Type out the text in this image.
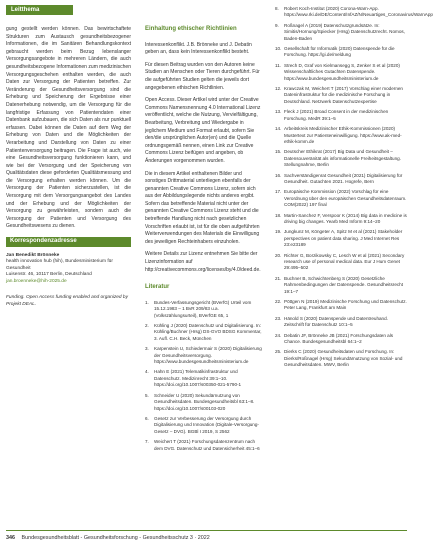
Leitthema

gung gestellt werden können. Das bewirtschaftete Strukturen zum Austausch gesundheitsbezogener Informationen, die im Sanitären Behandlungskontext gebraucht werden beim Bezug lebenslanger Versorgungsangebote in mehreren Ländern, die auch gesundheitsbezogene Informationen zum medizinischen Versorgungsgeschehen enthalten werden, die auch Daten zur Versorgung der Patienten betreffen. Zur Veränderung der Gesundheitsversorgung sind die Erhebung und Speicherung der Ergebnisse einer Datenerhebung notwendig, um die Versorgung für die langfristige Erfassung von Patientendaten einer Datenbank aufzubauen, die sich Daten als nur punktuell erfassen. Dabei können die Daten auf dem Weg der Erhebung von Daten und die Möglichkeiten der Verarbeitung und Darstellung von Daten zu einer Patientenversorgung beitragen. Die Frage ist auch, wie eine Gesundheitsversorgung funktionieren kann, und wie bei der Versorgung und der Speicherung von Qualitätsdaten diese geforderten Qualitätsmessung und die Versorgung erhalten werden können. Um die Versorgung der Patienten sicherzustellen, ist die Versorgung mit dem Versorgungsangebot des Landes und der Erhebung und der Möglichkeiten der Versorgung zu gewährleisten, sondern auch die Versorgung der Patienten und Versorgung des Gesundheitswesens zu dienen.

Korrespondenzadresse
Jan Benedikt Brönneke
health innovation hub (hih), Bundesministerium für Gesundheit
Luisenstr. 46, 10117 Berlin, Deutschland
jan.broenneke@hih-2025.de

Funding. Open Access funding enabled and organized by Projekt DEAL.

Einhaltung ethischer Richtlinien

Interessenkonflikt. J.B. Brönneke und J. Debatin geben an, dass kein Interessenkonflikt besteht.

Für diesen Beitrag wurden von den Autoren keine Studien an Menschen oder Tieren durchgeführt. Für die aufgeführten Studien gelten die jeweils dort angegebenen ethischen Richtlinien.

Open Access. Dieser Artikel wird unter der Creative Commons Namensnennung 4.0 International Lizenz veröffentlicht, welche die Nutzung, Vervielfältigung, Bearbeitung, Verbreitung und Wiedergabe in jeglichem Medium und Format erlaubt, sofern Sie den/die ursprünglichen Autor(en) und die Quelle ordnungsgemäß nennen, einen Link zur Creative Commons Lizenz beifügen und angeben, ob Änderungen vorgenommen wurden.

Die in diesem Artikel enthaltenen Bilder und sonstiges Drittmaterial unterliegen ebenfalls der genannten Creative Commons Lizenz, sofern sich aus der Abbildungslegende nichts anderes ergibt. Sofern das betreffende Material nicht unter der genannten Creative Commons Lizenz steht und die betreffende Handlung nicht nach gesetzlichen Vorschriften erlaubt ist, ist für die oben aufgeführten Weiterverwendungen des Materials die Einwilligung des jeweiligen Rechteinhabers einzuholen.

Weitere Details zur Lizenz entnehmen Sie bitte der Lizenzinformation auf http://creativecommons.org/licenses/by/4.0/deed.de.

Literatur
1.	Bundes-Verfassungsgericht (BVerfG) Urteil vom 15.12.1983 – 1 BvR 209/83 u.a. (Volkszählungsurteil), BVerfGE 65, 1
2.	Kühling J (2020) Datenschutz und Digitalisierung. In: Kühling/Buchner (Hrsg) DS-GVO BDSG Kommentar, 3. Aufl. C.H. Beck, München
3.	Karpenstein U, Schiedermair S (2020) Digitalisierung der Gesundheitsversorgung. https://www.bundesgesundheitsministerium.de
4.	Hahn E (2021) Telematikinfrastruktur und Datenschutz. Medizinrecht 39:1–10. https://doi.org/10.1007/s00350-021-5790-1
5.	Schneider U (2020) Sekundärnutzung von Gesundheitsdaten. Bundesgesundheitsbl 63:1–8. https://doi.org/10.1007/s00103-020
6.	Gesetz zur Verbesserung der Versorgung durch Digitalisierung und Innovation (Digitale-Versorgung-Gesetz – DVG). BGBl I 2019, S 2562
7.	Weichert T (2021) Forschungsdatenzentrum nach dem DVG. Datenschutz und Datensicherheit 45:1–6
8.	Robert Koch-Institut (2020) Corona-Warn-App. https://www.rki.de/DE/Content/InfAZ/N/Neuartiges_Coronavirus/WarnApp
9.	Roßnagel A (2019) Datenschutzgrundsätze. In: Simitis/Hornung/Spiecker (Hrsg) Datenschutzrecht. Nomos, Baden-Baden
10. Gesellschaft für Informatik (2020) Datenspende für die Forschung. https://gi.de/meldung
11. Strech D, Graf von Kielmansegg S, Zenker S et al (2020) Wissenschaftliches Gutachten Datenspende. https://www.bundesgesundheitsministerium.de
12. Krawczak M, Weichert T (2017) Vorschlag einer modernen Dateninfrastruktur für die medizinische Forschung in Deutschland. Netzwerk Datenschutzexpertise
13. Fleck J (2021) Broad Consent in der medizinischen Forschung. MedR 39:1–5
14. Arbeitskreis Medizinischer Ethik-Kommissionen (2020) Mustertext zur Patienteneinwilligung. https://www.ak-med-ethik-komm.de
15. Deutscher Ethikrat (2017) Big Data und Gesundheit – Datensouveränität als informationelle Freiheitsgestaltung. Stellungnahme, Berlin
16. Sachverständigenrat Gesundheit (2021) Digitalisierung für Gesundheit. Gutachten 2021. Hogrefe, Bern
17. Europäische Kommission (2022) Vorschlag für eine Verordnung über den europäischen Gesundheitsdatenraum. COM(2022) 197 final
18. Martin-Sanchez F, Verspoor K (2014) Big data in medicine is driving big changes. Yearb Med Inform 9:14–20
19. Jungkunz M, Köngeter A, Spitz M et al (2021) Stakeholder perspectives on patient data sharing. J Med Internet Res 23:e23189
20. Richter G, Borzikowsky C, Lesch W et al (2021) Secondary research use of personal medical data. Eur J Hum Genet 29:495–502
21. Buchner B, Schwichtenberg S (2020) Gesetzliche Rahmenbedingungen der Datenspende. Gesundheitsrecht 19:1–7
22. Pöttgen N (2019) Medizinische Forschung und Datenschutz. Peter Lang, Frankfurt am Main
23. Hänold S (2020) Datenspende und Datentreuhand. Zeitschrift für Datenschutz 10:1–5
24. Debatin JF, Brönneke JB (2021) Forschungsdaten als Chance. Bundesgesundheitsbl 64:1–2
25. Dierks C (2020) Gesundheitsdaten und Forschung. In: Dierks/Roßnagel (Hrsg) Sekundärnutzung von Sozial- und Gesundheitsdaten. MWV, Berlin
346 Bundesgesundheitsblatt - Gesundheitsforschung - Gesundheitsschutz 3 · 2022
